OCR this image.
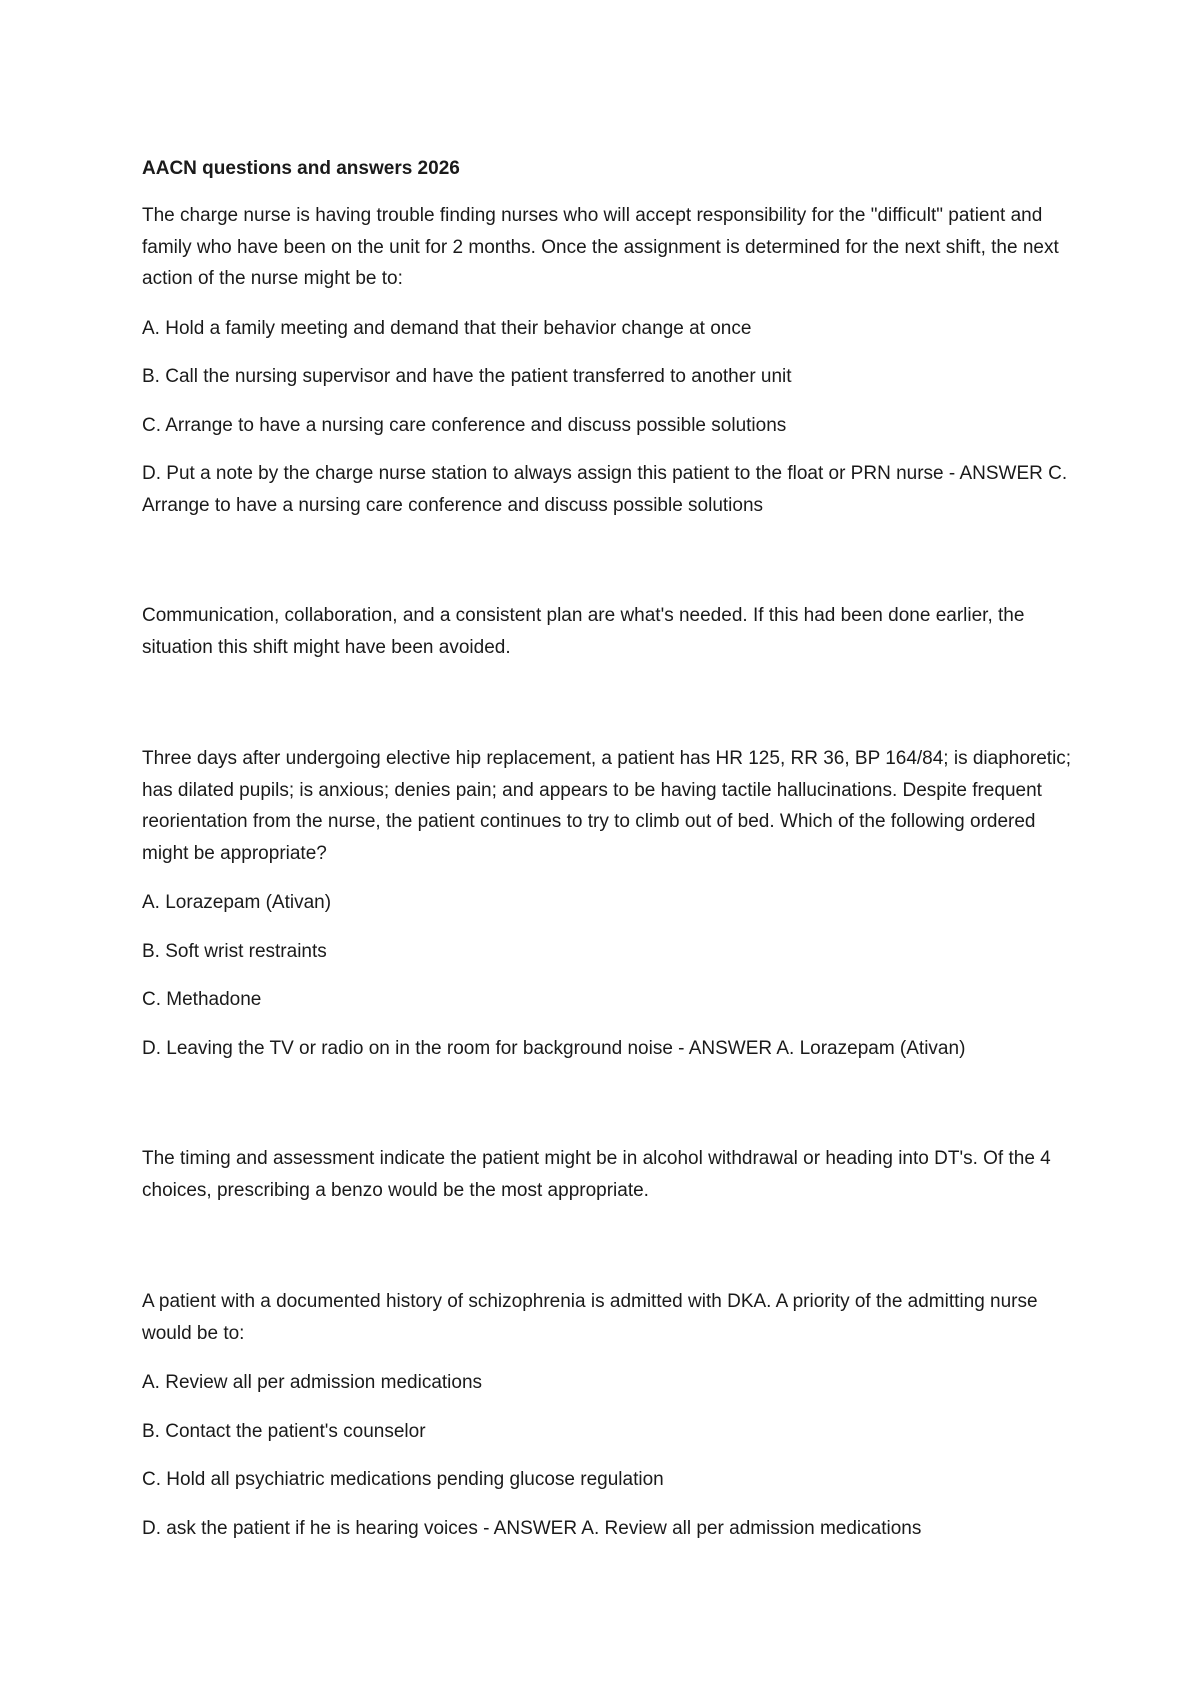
AACN questions and answers 2026

The charge nurse is having trouble finding nurses who will accept responsibility for the "difficult" patient and family who have been on the unit for 2 months. Once the assignment is determined for the next shift, the next action of the nurse might be to:

A. Hold a family meeting and demand that their behavior change at once

B. Call the nursing supervisor and have the patient transferred to another unit

C. Arrange to have a nursing care conference and discuss possible solutions

D. Put a note by the charge nurse station to always assign this patient to the float or PRN nurse - ANSWER C. Arrange to have a nursing care conference and discuss possible solutions

Communication, collaboration, and a consistent plan are what's needed. If this had been done earlier, the situation this shift might have been avoided.

Three days after undergoing elective hip replacement, a patient has HR 125, RR 36, BP 164/84; is diaphoretic; has dilated pupils; is anxious; denies pain; and appears to be having tactile hallucinations. Despite frequent reorientation from the nurse, the patient continues to try to climb out of bed. Which of the following ordered might be appropriate?

A. Lorazepam (Ativan)

B. Soft wrist restraints

C. Methadone

D. Leaving the TV or radio on in the room for background noise - ANSWER A. Lorazepam (Ativan)

The timing and assessment indicate the patient might be in alcohol withdrawal or heading into DT's. Of the 4 choices, prescribing a benzo would be the most appropriate.

A patient with a documented history of schizophrenia is admitted with DKA. A priority of the admitting nurse would be to:

A. Review all per admission medications

B. Contact the patient's counselor

C. Hold all psychiatric medications pending glucose regulation

D. ask the patient if he is hearing voices - ANSWER A. Review all per admission medications
